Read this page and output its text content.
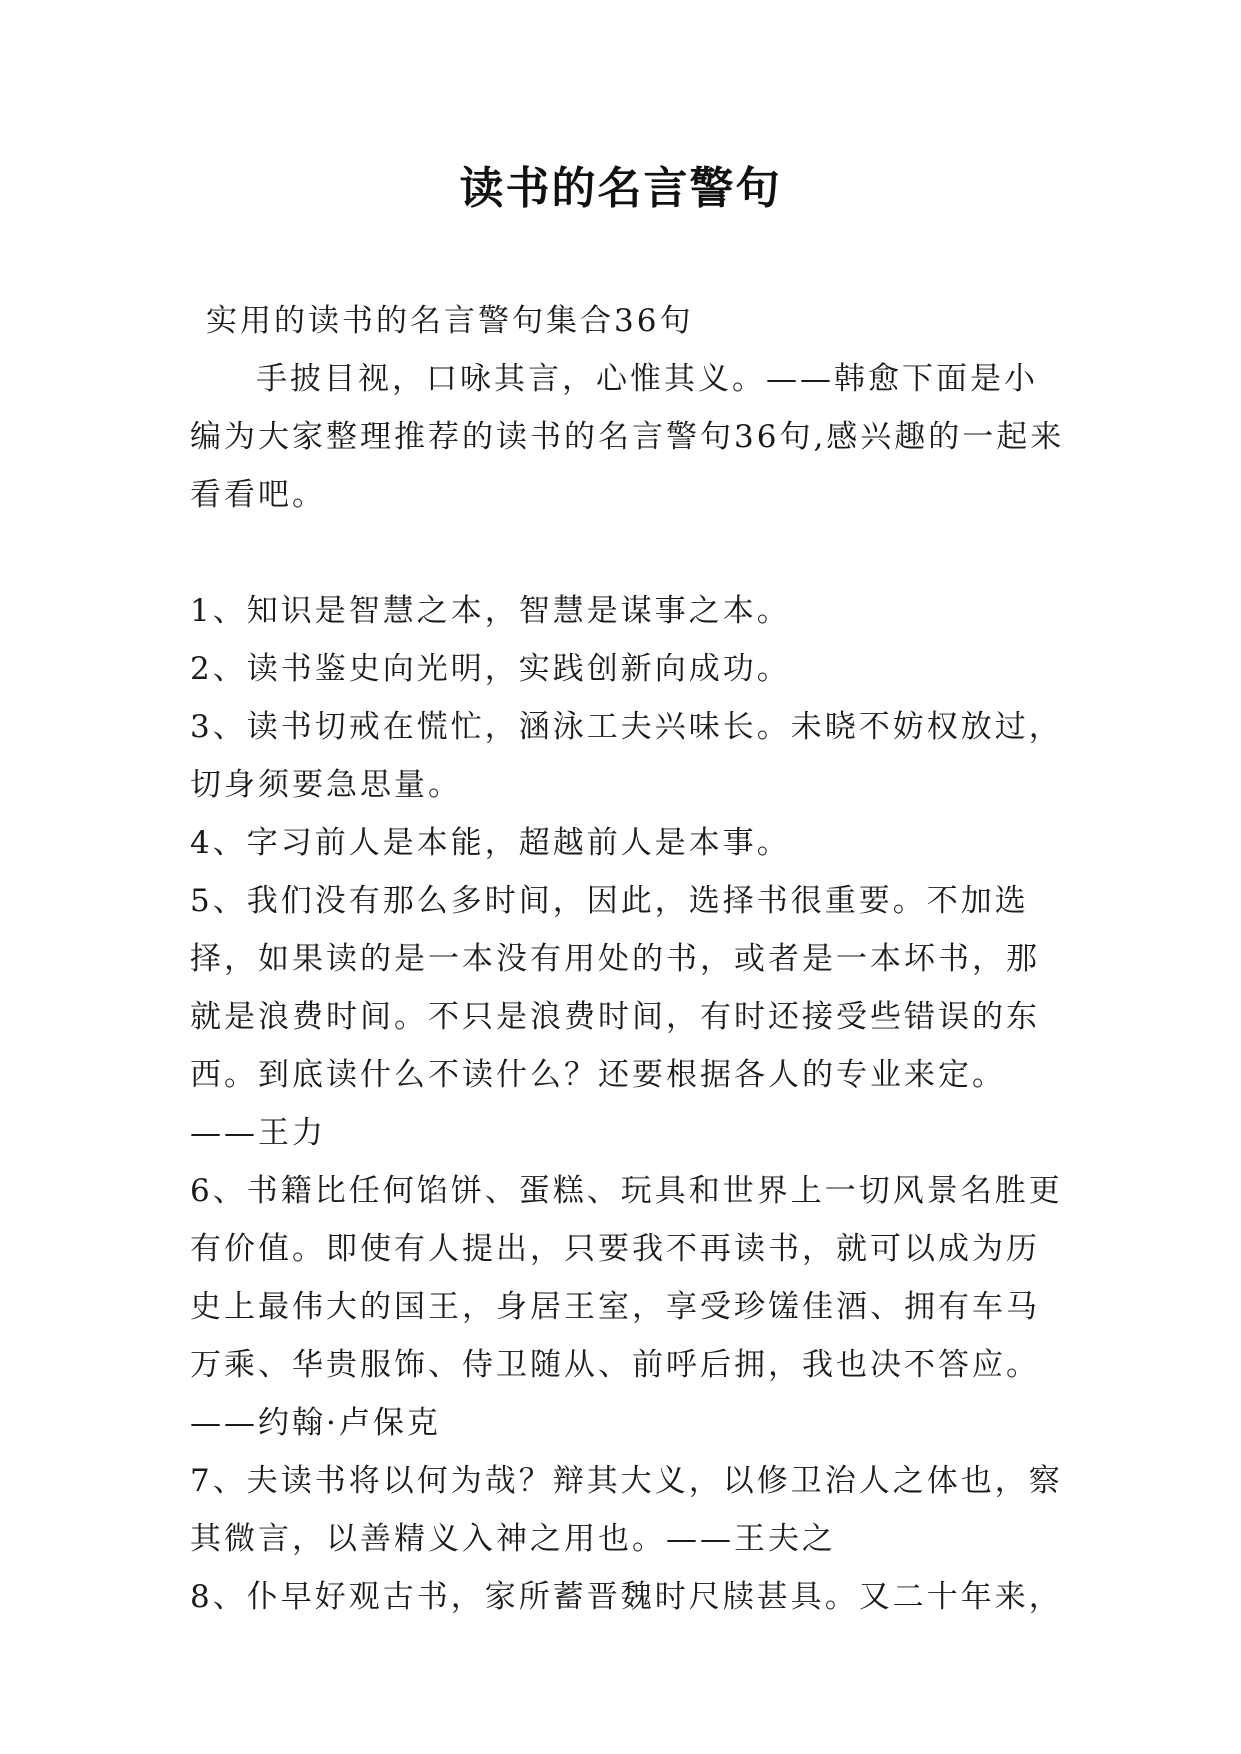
读书的名言警句

实用的读书的名言警句集合36句

手披目视，口咏其言，心惟其义。——韩愈下面是小编为大家整理推荐的读书的名言警句36句,感兴趣的一起来看看吧。

1、知识是智慧之本，智慧是谋事之本。

2、读书鉴史向光明，实践创新向成功。

3、读书切戒在慌忙，涵泳工夫兴味长。未晓不妨权放过，切身须要急思量。

4、字习前人是本能，超越前人是本事。

5、我们没有那么多时间，因此，选择书很重要。不加选择，如果读的是一本没有用处的书，或者是一本坏书，那就是浪费时间。不只是浪费时间，有时还接受些错误的东西。到底读什么不读什么？还要根据各人的专业来定。——王力

6、书籍比任何馅饼、蛋糕、玩具和世界上一切风景名胜更有价值。即使有人提出，只要我不再读书，就可以成为历史上最伟大的国王，身居王室，享受珍馐佳酒、拥有车马万乘、华贵服饰、侍卫随从、前呼后拥，我也决不答应。——约翰·卢保克

7、夫读书将以何为哉？辩其大义，以修卫治人之体也，察其微言，以善精义入神之用也。——王夫之

8、仆早好观古书，家所蓄晋魏时尺牍甚具。又二十年来，
